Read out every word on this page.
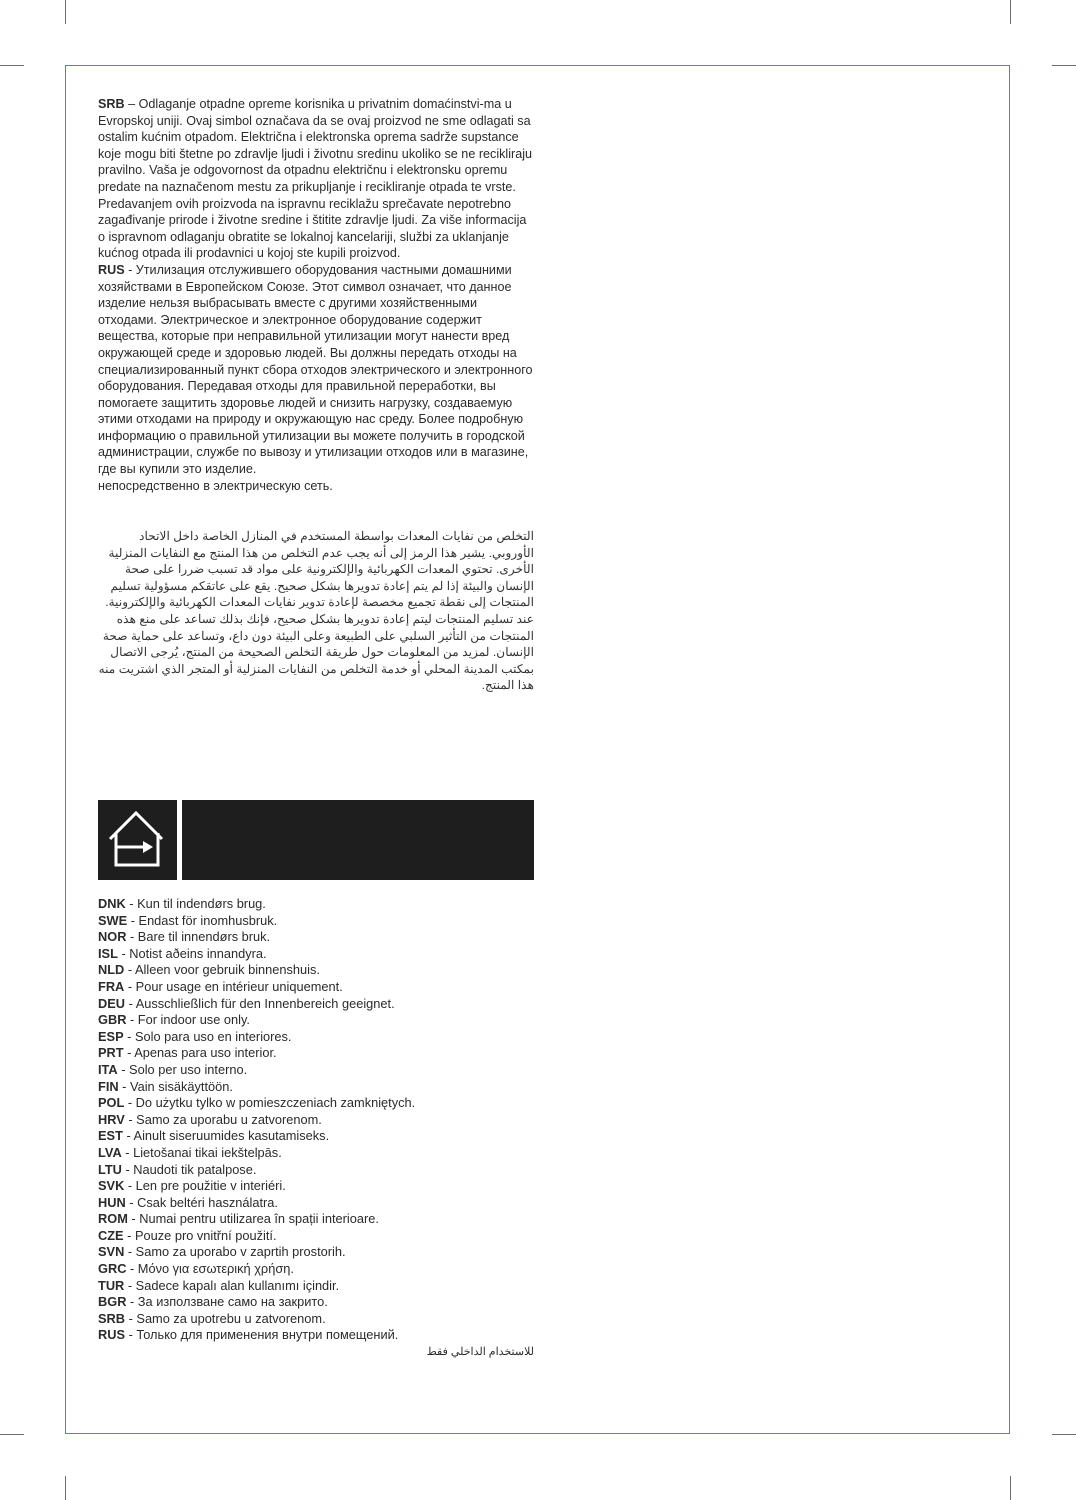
SRB – Odlaganje otpadne opreme korisnika u privatnim domaćinstvi-ma u Evropskoj uniji. Ovaj simbol označava da se ovaj proizvod ne sme odlagati sa ostalim kućnim otpadom. Električna i elektronska oprema sadrže supstance koje mogu biti štetne po zdravlje ljudi i životnu sredinu ukoliko se ne recikliraju pravilno. Vaša je odgovornost da otpadnu električnu i elektronsku opremu predate na naznačenom mestu za prikupljanje i recikliranje otpada te vrste. Predavanjem ovih proizvoda na ispravnu reciklažu sprečavate nepotrebno zagađivanje prirode i životne sredine i štitite zdravlje ljudi. Za više informacija o ispravnom odlaganju obratite se lokalnoj kancelariji, službi za uklanjanje kućnog otpada ili prodavnici u kojoj ste kupili proizvod.

RUS - Утилизация отслужившего оборудования частными домашними хозяйствами в Европейском Союзе. Этот символ означает, что данное изделие нельзя выбрасывать вместе с другими хозяйственными отходами. Электрическое и электронное оборудование содержит вещества, которые при неправильной утилизации могут нанести вред окружающей среде и здоровью людей. Вы должны передать отходы на специализированный пункт сбора отходов электрического и электронного оборудования. Передавая отходы для правильной переработки, вы помогаете защитить здоровье людей и снизить нагрузку, создаваемую этими отходами на природу и окружающую нас среду. Более подробную информацию о правильной утилизации вы можете получить в городской администрации, службе по вывозу и утилизации отходов или в магазине, где вы купили это изделие.

непосредственно в электрическую сеть.

التخلص من نفايات المعدات بواسطة المستخدم في المنازل الخاصة داخل الاتحاد الأوروبي. يشير هذا الرمز إلى أنه يجب عدم التخلص من هذا المنتج مع النفايات المنزلية الأخرى. تحتوي المعدات الكهربائية والإلكترونية على مواد قد تسبب ضررا على صحة الإنسان والبيئة إذا لم يتم إعادة تدويرها بشكل صحيح. يقع على عاتقكم مسؤولية تسليم المنتجات إلى نقطة تجميع مخصصة لإعادة تدوير نفايات المعدات الكهربائية والإلكترونية. عند تسليم المنتجات ليتم إعادة تدويرها بشكل صحيح، فإنك بذلك تساعد على منع هذه المنتجات من التأثير السلبي على الطبيعة وعلى البيئة دون داع، وتساعد على حماية صحة الإنسان. لمزيد من المعلومات حول طريقة التخلص الصحيحة من المنتج، يُرجى الاتصال بمكتب المدينة المحلي أو خدمة التخلص من النفايات المنزلية أو المتجر الذي اشتريت منه هذا المنتج.

DNK - Kun til indendørs brug.

SWE - Endast för inomhusbruk.

NOR - Bare til innendørs bruk.

ISL - Notist aðeins innandyra.

NLD - Alleen voor gebruik binnenshuis.

FRA - Pour usage en intérieur uniquement.

DEU - Ausschließlich für den Innenbereich geeignet.

GBR - For indoor use only.

ESP - Solo para uso en interiores.

PRT - Apenas para uso interior.

ITA - Solo per uso interno.

FIN - Vain sisäkäyttöön.

POL - Do użytku tylko w pomieszczeniach zamkniętych.

HRV - Samo za uporabu u zatvorenom.

EST - Ainult siseruumides kasutamiseks.

LVA - Lietošanai tikai iekštelpās.

LTU - Naudoti tik patalpose.

SVK - Len pre použitie v interiéri.

HUN - Csak beltéri használatra.

ROM - Numai pentru utilizarea în spații interioare.

CZE - Pouze pro vnitřní použití.

SVN - Samo za uporabo v zaprtih prostorih.

GRC - Μόνο για εσωτερική χρήση.

TUR - Sadece kapalı alan kullanımı içindir.

BGR - За използване само на закрито.

SRB - Samo za upotrebu u zatvorenom.

RUS - Только для применения внутри помещений.

للاستخدام الداخلي فقط
